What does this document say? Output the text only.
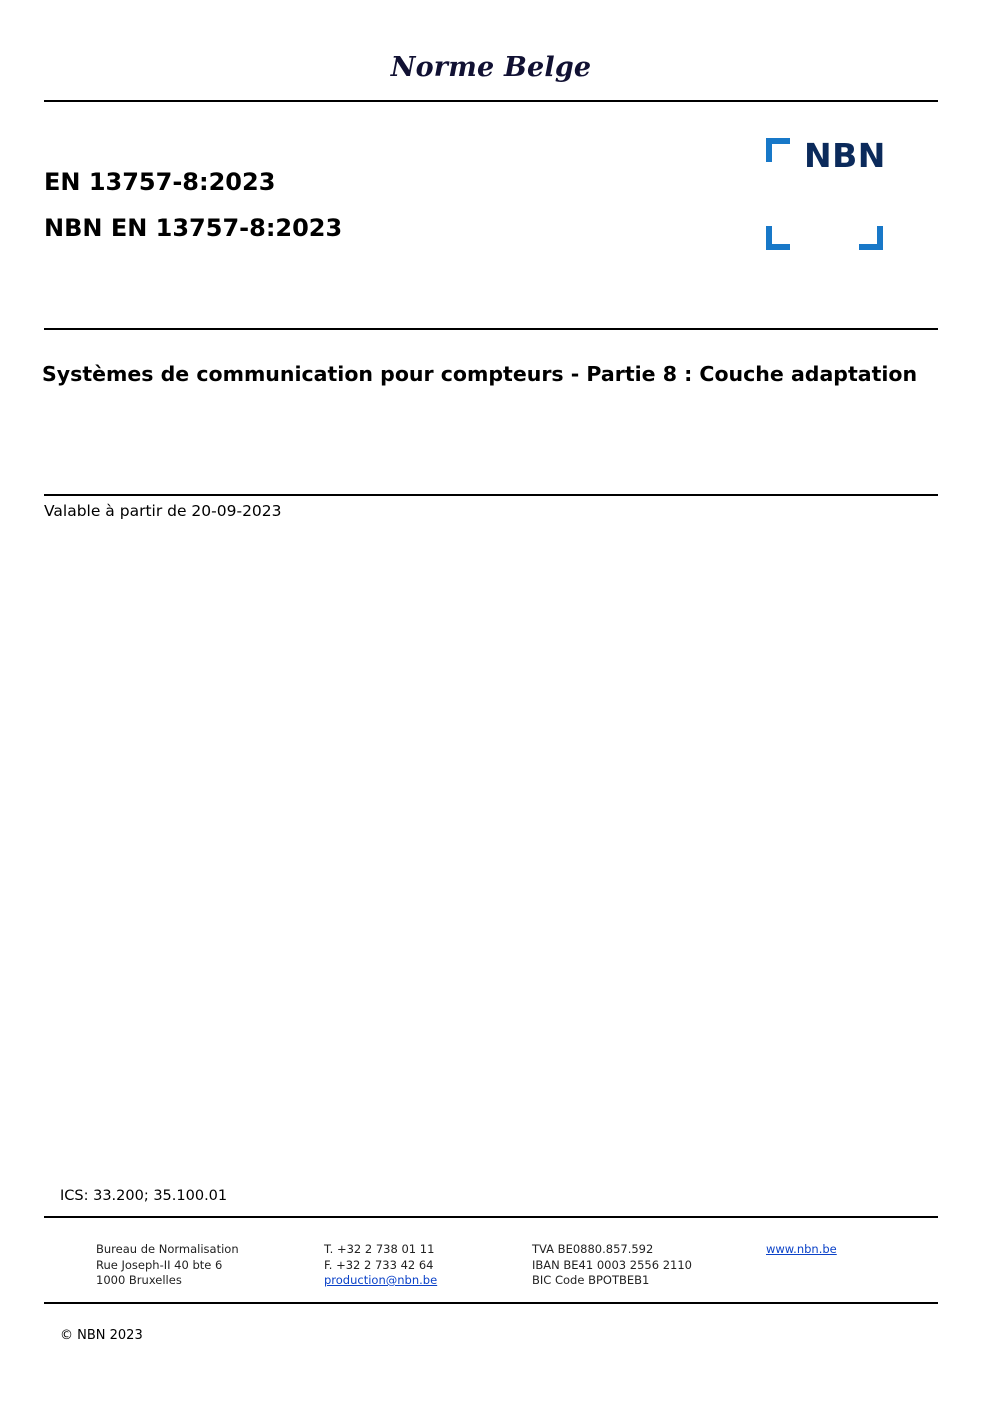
Norme Belge
EN 13757-8:2023
NBN EN 13757-8:2023
NBN
Systèmes de communication pour compteurs - Partie 8 : Couche adaptation
Valable à partir de 20-09-2023
ICS: 33.200; 35.100.01
Bureau de Normalisation
Rue Joseph-II 40 bte 6
1000 Bruxelles
T. +32 2 738 01 11
F. +32 2 733 42 64
production@nbn.be
TVA BE0880.857.592
IBAN BE41 0003 2556 2110
BIC Code BPOTBEB1
www.nbn.be
© NBN 2023
